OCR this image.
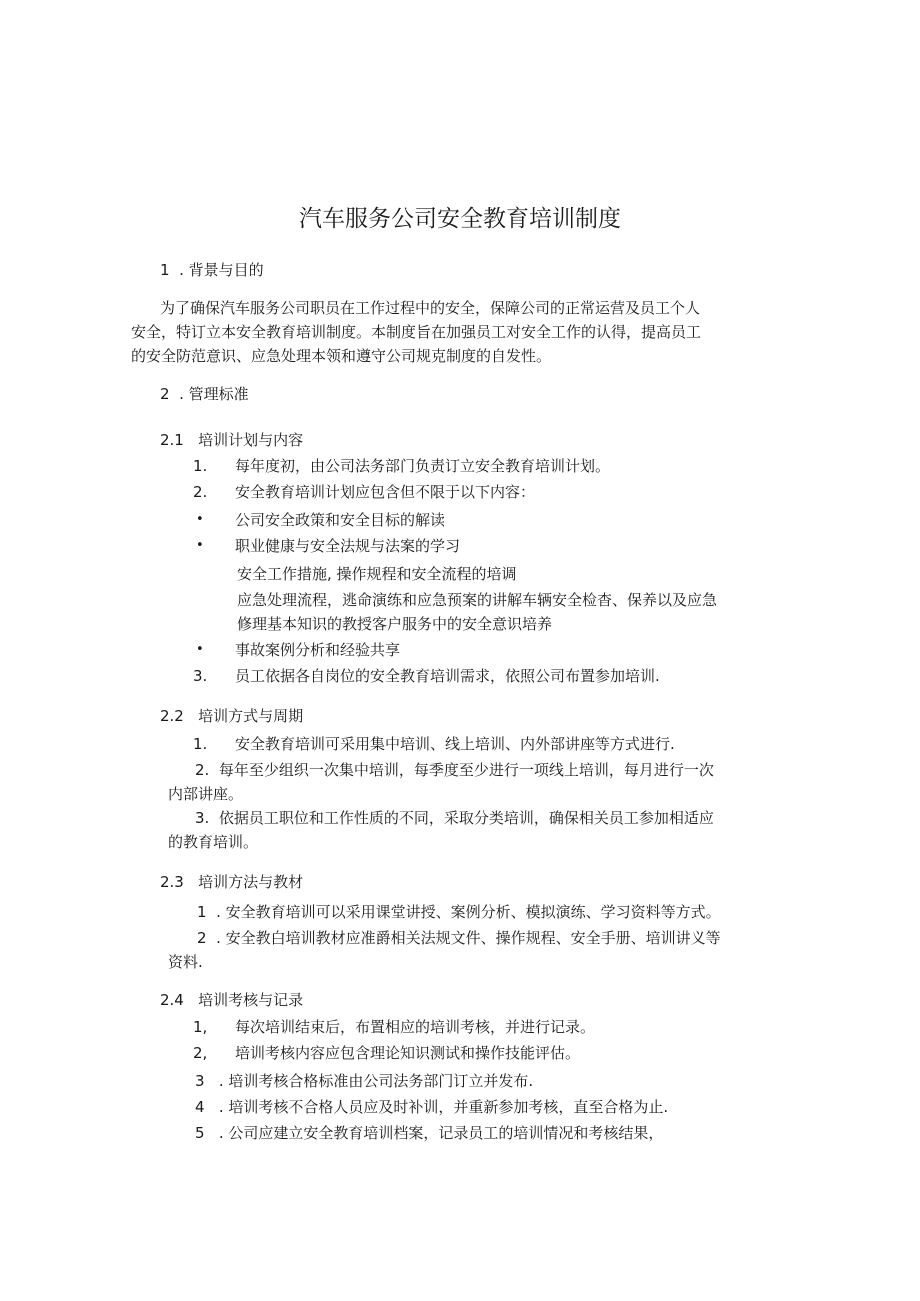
汽车服务公司安全教育培训制度
1  . 背景与目的
为了确保汽车服务公司职员在工作过程中的安全，保障公司的正常运营及员工个人
安全，特订立本安全教育培训制度。本制度旨在加强员工对安全工作的认得，提高员工
的安全防范意识、应急处理本领和遵守公司规克制度的自发性。
2  . 管理标准
2.1   培训计划与内容
1. 每年度初，由公司法务部门负责订立安全教育培训计划。
2. 安全教育培训计划应包含但不限于以下内容：
• 公司安全政策和安全目标的解读
• 职业健康与安全法规与法案的学习
安全工作措施, 操作规程和安全流程的培调
应急处理流程，逃命演练和应急预案的讲解车辆安全检杳、保养以及应急
修理基本知识的教授客户服务中的安全意识培养
• 事故案例分析和经验共享
3. 员工依据各自岗位的安全教育培训需求，依照公司布置参加培训.
2.2   培训方式与周期
1. 安全教育培训可采用集中培训、线上培训、内外部讲座等方式进行.
2.  每年至少组织一次集中培训，每季度至少进行一项线上培训，每月进行一次
内部讲座。
3.  依据员工职位和工作性质的不同，采取分类培训，确保相关员工参加相适应
的教育培训。
2.3   培训方法与教材
1  . 安全教育培训可以采用课堂讲授、案例分析、模拟演练、学习资料等方式。
2  . 安全教白培训教材应准爵相关法规文件、操作规程、安全手册、培训讲义等
资料.
2.4   培训考核与记录
1, 每次培训结束后，布置相应的培训考核，并进行记录。
2, 培训考核内容应包含理论知识测试和操作技能评估。
3   . 培训考核合格标准由公司法务部门订立并发布.
4   . 培训考核不合格人员应及时补训，并重新参加考核，直至合格为止.
5   . 公司应建立安全教育培训档案，记录员工的培训情况和考核结果，
